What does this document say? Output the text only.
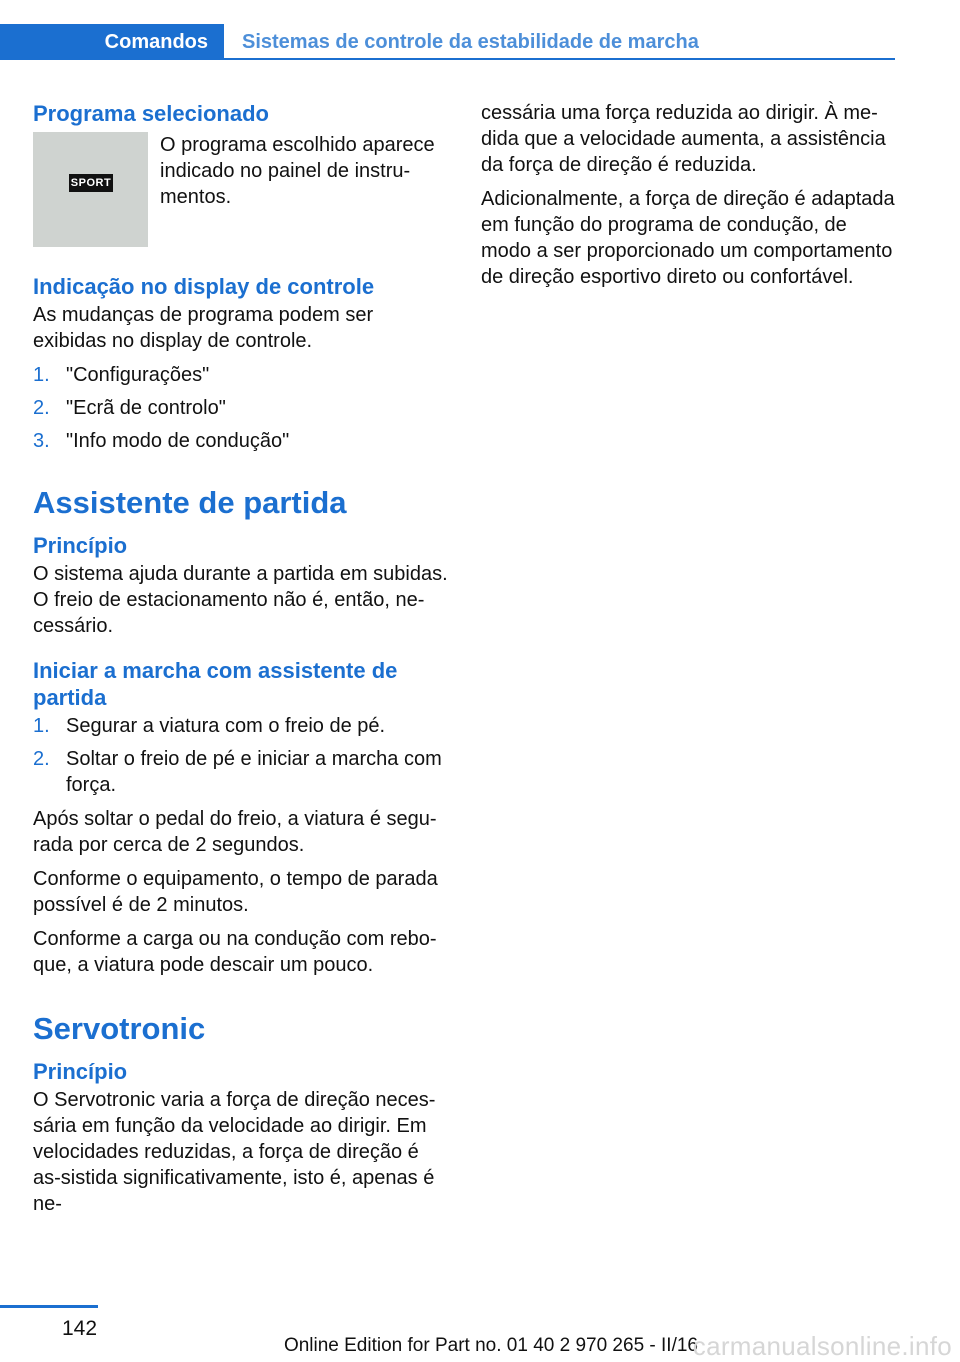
Comandos	Sistemas de controle da estabilidade de marcha
Programa selecionado
SPORT
O programa escolhido aparece indicado no painel de instru-mentos.
Indicação no display de controle

As mudanças de programa podem ser exibidas no display de controle.

1. "Configurações"
2. "Ecrã de controlo"
3. "Info modo de condução"
Assistente de partida
Princípio

O sistema ajuda durante a partida em subidas. O freio de estacionamento não é, então, ne-cessário.

Iniciar a marcha com assistente de partida
1. Segurar a viatura com o freio de pé.
2. Soltar o freio de pé e iniciar a marcha com força.

Após soltar o pedal do freio, a viatura é segu-rada por cerca de 2 segundos.

Conforme o equipamento, o tempo de parada possível é de 2 minutos.

Conforme a carga ou na condução com rebo-que, a viatura pode descair um pouco.

Servotronic
Princípio

O Servotronic varia a força de direção neces-sária em função da velocidade ao dirigir. Em velocidades reduzidas, a força de direção é as-sistida significativamente, isto é, apenas é ne-

cessária uma força reduzida ao dirigir. À me-dida que a velocidade aumenta, a assistência da força de direção é reduzida.

Adicionalmente, a força de direção é adaptada em função do programa de condução, de modo a ser proporcionado um comportamento de direção esportivo direto ou confortável.

142
Online Edition for Part no. 01 40 2 970 265 - II/16
carmanualsonline.info
